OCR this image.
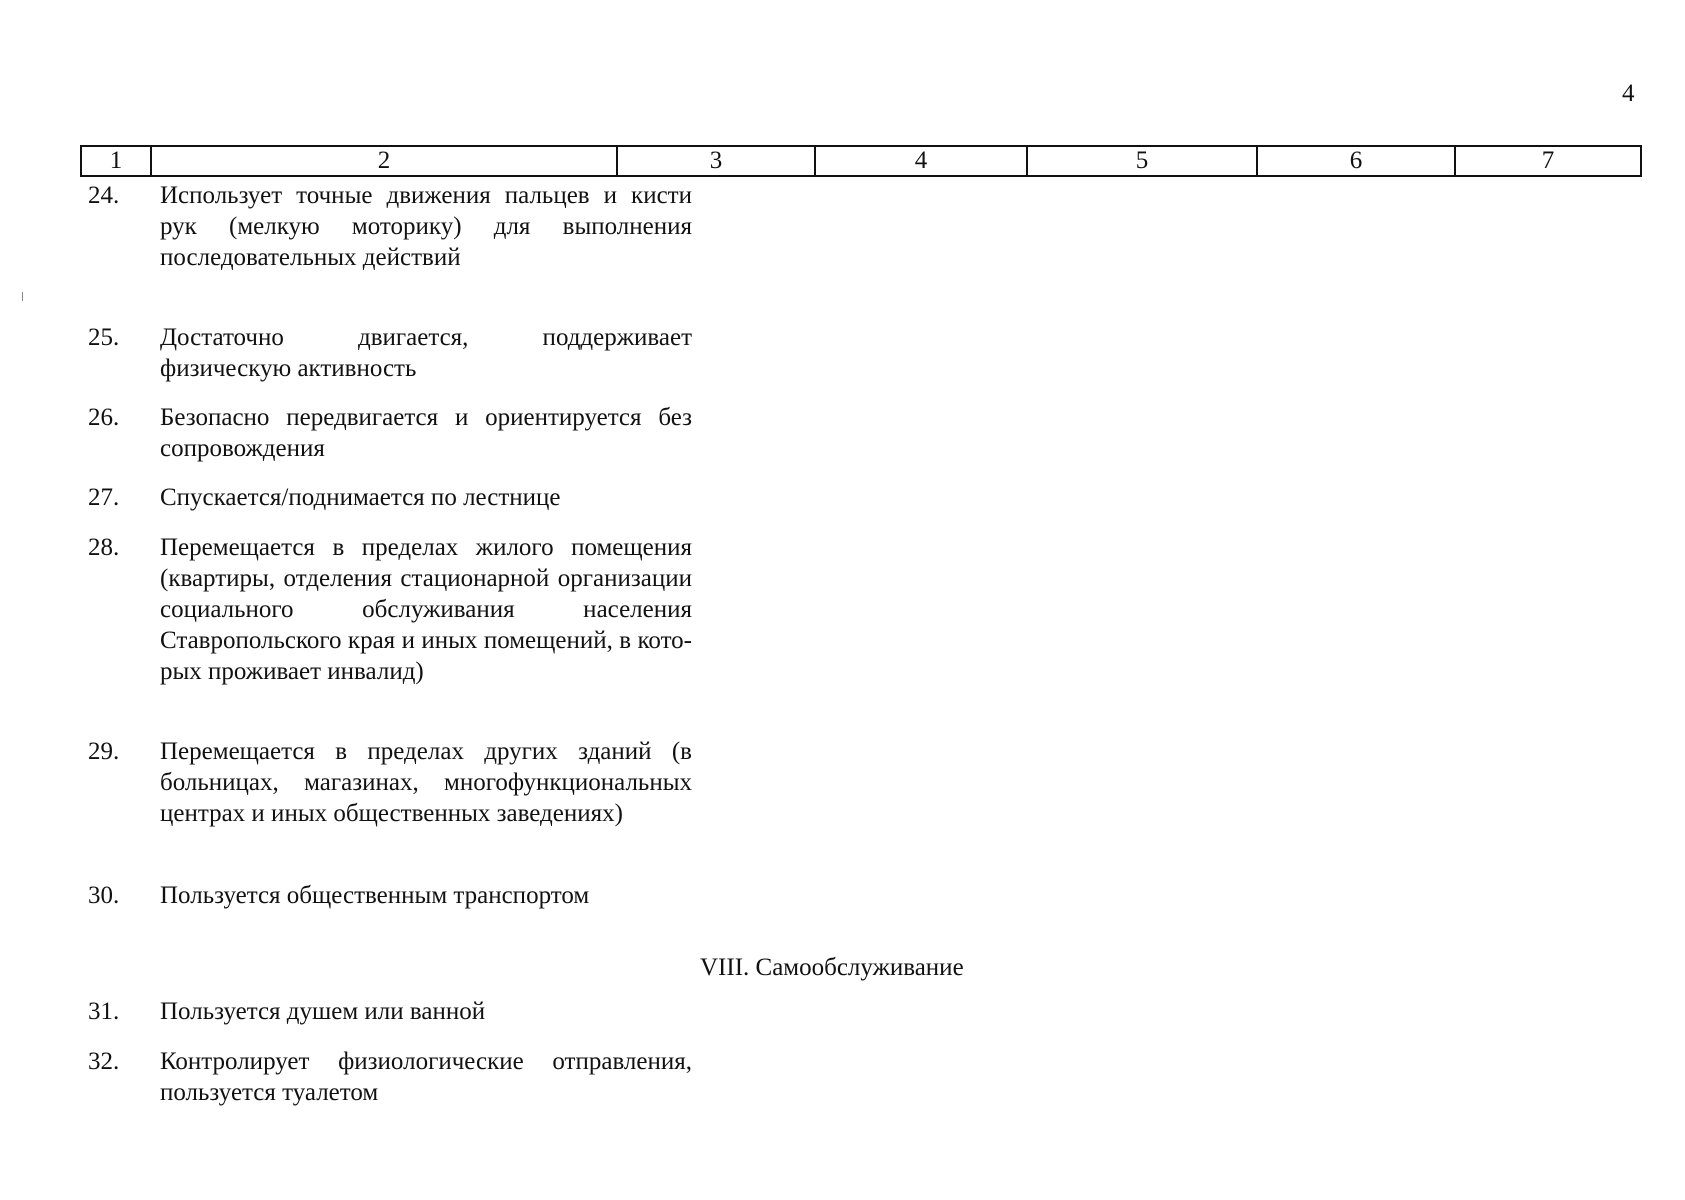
4
1	2	3	4	5	6	7
24.	Использует точные движения пальцев и кисти рук (мелкую моторику) для выполнения последовательных действий
25.	Достаточно двигается, поддерживает физическую активность
26.	Безопасно передвигается и ориентируется без сопровождения
27.	Спускается/поднимается по лестнице
28.	Перемещается в пределах жилого помещения (квартиры, отделения стационарной организации социального обслуживания населения Ставропольского края и иных помещений, в которых проживает инвалид)
29.	Перемещается в пределах других зданий (в больницах, магазинах, многофункциональных центрах и иных общественных заведениях)
30.	Пользуется общественным транспортом
VIII. Самообслуживание
31.	Пользуется душем или ванной
32.	Контролирует физиологические отправления, пользуется туалетом
